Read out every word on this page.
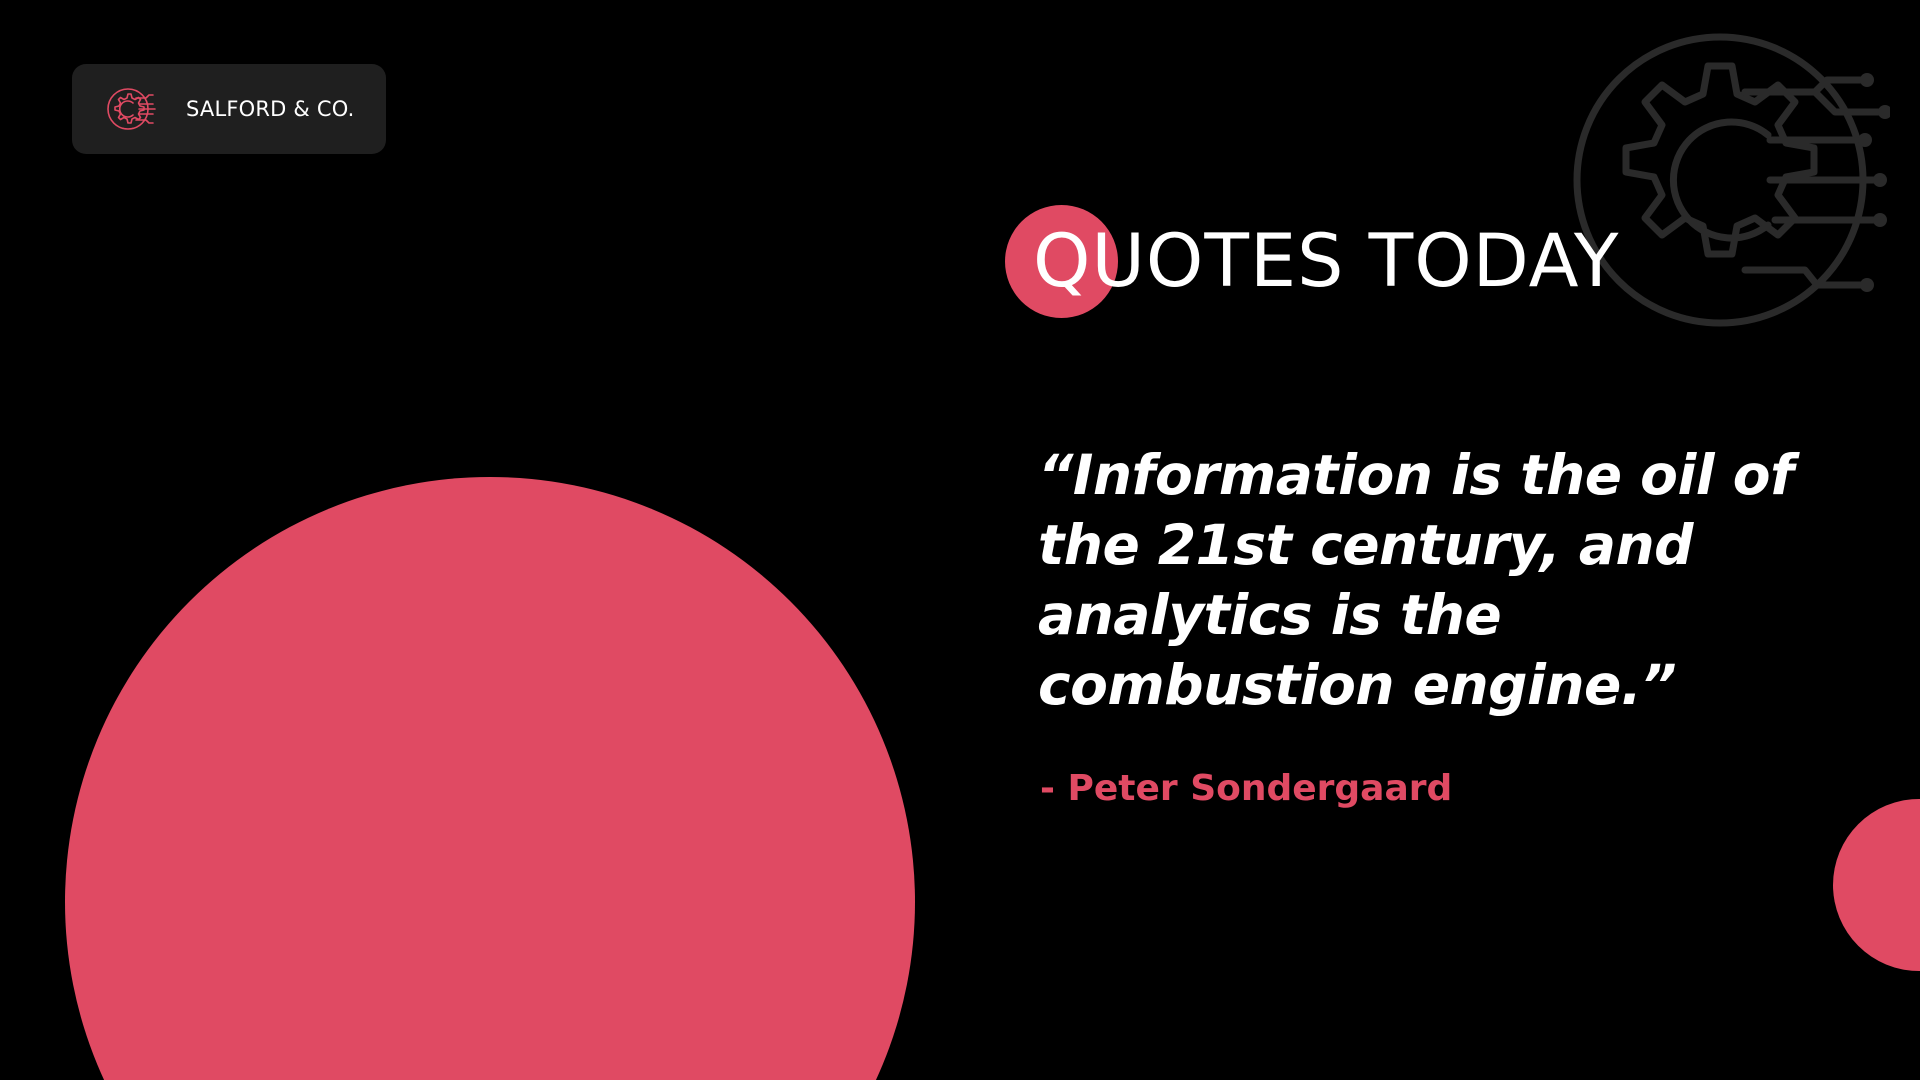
SALFORD & CO.
QUOTES TODAY

“Information is the oil of the 21st century, and analytics is the combustion engine.”

- Peter Sondergaard
